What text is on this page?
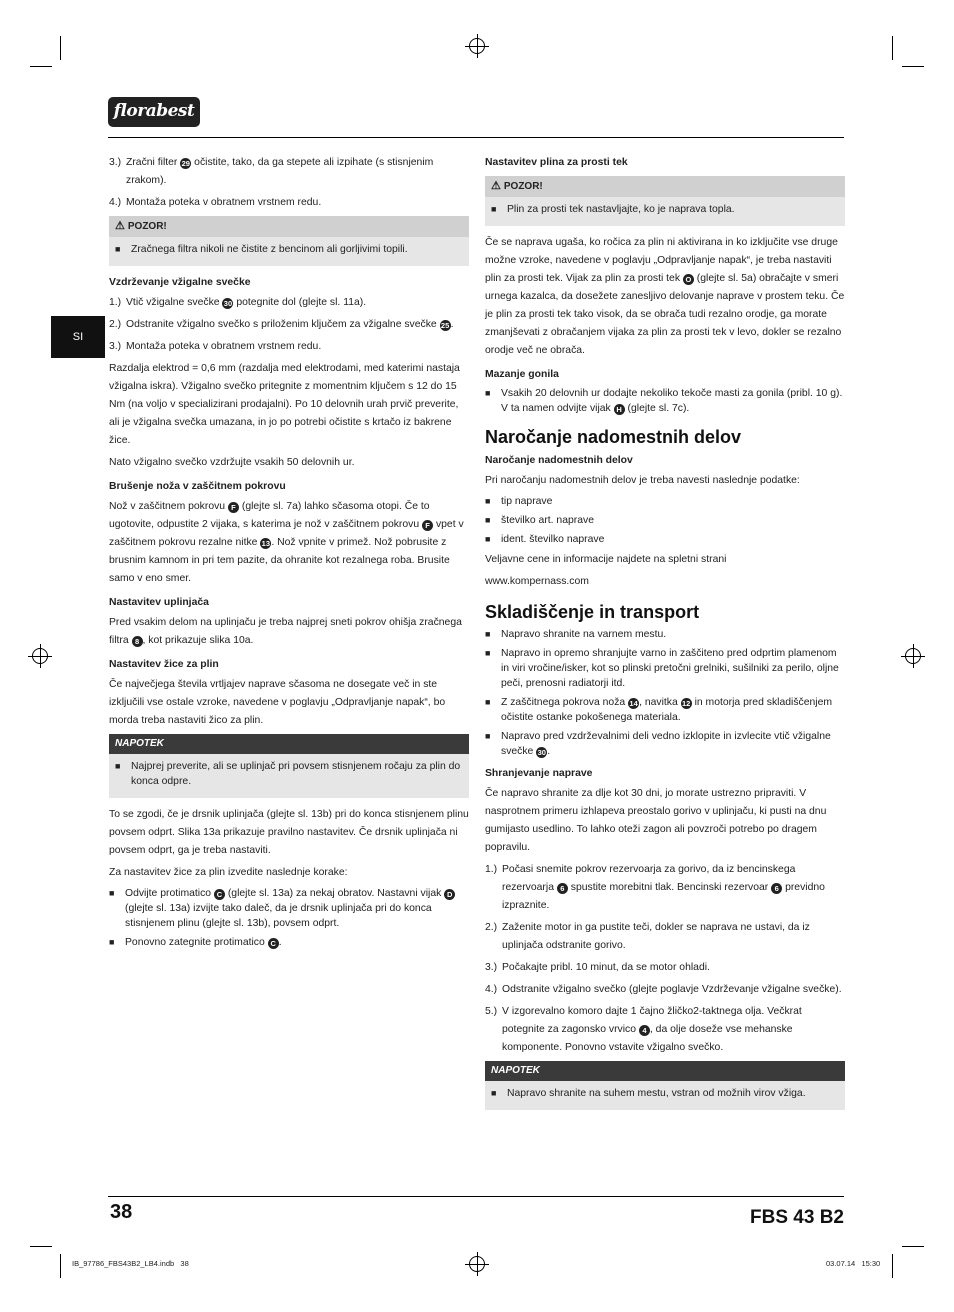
florabest
SI
3.) Zračni filter 29 očistite, tako, da ga stepete ali izpihate (s stisnjenim zrakom).
4.) Montaža poteka v obratnem vrstnem redu.
⚠ POZOR!
■	Zračnega filtra nikoli ne čistite z bencinom ali gorljivimi topili.
Vzdrževanje vžigalne svečke
1.) Vtič vžigalne svečke 30 potegnite dol (glejte sl. 11a).
2.) Odstranite vžigalno svečko s priloženim ključem za vžigalne svečke 25.
3.) Montaža poteka v obratnem vrstnem redu.

Razdalja elektrod = 0,6 mm (razdalja med elektrodami, med katerimi nastaja vžigalna iskra). Vžigalno svečko pritegnite z momentnim ključem s 12 do 15 Nm (na voljo v specializirani prodajalni). Po 10 delovnih urah prvič preverite, ali je vžigalna svečka umazana, in jo po potrebi očistite s krtačo iz bakrene žice.

Nato vžigalno svečko vzdržujte vsakih 50 delovnih ur.

Brušenje noža v zaščitnem pokrovu

Nož v zaščitnem pokrovu F (glejte sl. 7a) lahko sčasoma otopi. Če to ugotovite, odpustite 2 vijaka, s katerima je nož v zaščitnem pokrovu F vpet v zaščitnem pokrovu rezalne nitke 13. Nož vpnite v primež. Nož pobrusite z brusnim kamnom in pri tem pazite, da ohranite kot rezalnega roba. Brusite samo v eno smer.

Nastavitev uplinjača

Pred vsakim delom na uplinjaču je treba najprej sneti pokrov ohišja zračnega filtra 8 , kot prikazuje slika 10a.

Nastavitev žice za plin

Če največjega števila vrtljajev naprave sčasoma ne dosegate več in ste izključili vse ostale vzroke, navedene v poglavju „Odpravljanje napak“, bo morda treba nastaviti žico za plin.

NAPOTEK
■	Najprej preverite, ali se uplinjač pri povsem stisnjenem ročaju za plin do konca odpre.

To se zgodi, če je drsnik uplinjača (glejte sl. 13b) pri do konca stisnjenem plinu povsem odprt. Slika 13a prikazuje pravilno nastavitev. Če drsnik uplinjača ni povsem odprt, ga je treba nastaviti.

Za nastavitev žice za plin izvedite naslednje korake:

■	Odvijte protimatico C (glejte sl. 13a) za nekaj obratov. Nastavni vijak D (glejte sl. 13a) izvijte tako daleč, da je drsnik uplinjača pri do konca stisnjenem plinu (glejte sl. 13b), povsem odprt.
■	Ponovno zategnite protimatico C .
Nastavitev plina za prosti tek
⚠ POZOR!
■	Plin za prosti tek nastavljajte, ko je naprava topla.

Če se naprava ugaša, ko ročica za plin ni aktivirana in ko izključite vse druge možne vzroke, navedene v poglavju „Odpravljanje napak“, je treba nastaviti plin za prosti tek. Vijak za plin za prosti tek O (glejte sl. 5a) obračajte v smeri urnega kazalca, da dosežete zanesljivo delovanje naprave v prostem teku. Če je plin za prosti tek tako visok, da se obrača tudi rezalno orodje, ga morate zmanjševati z obračanjem vijaka za plin za prosti tek v levo, dokler se rezalno orodje več ne obrača.

Mazanje gonila
■	Vsakih 20 delovnih ur dodajte nekoliko tekoče masti za gonila (pribl. 10 g). V ta namen odvijte vijak H (glejte sl. 7c).
Naročanje nadomestnih delov
Naročanje nadomestnih delov

Pri naročanju nadomestnih delov je treba navesti naslednje podatke:

■	tip naprave
■	številko art. naprave
■	ident. številko naprave

Veljavne cene in informacije najdete na spletni strani

www.kompernass.com

Skladiščenje in transport
■	Napravo shranite na varnem mestu.
■	Napravo in opremo shranjujte varno in zaščiteno pred odprtim plamenom in viri vročine/isker, kot so plinski pretočni grelniki, sušilniki za perilo, oljne peči, prenosni radiatorji itd.
■	Z zaščitnega pokrova noža 14, navitka 12 in motorja pred skladiščenjem očistite ostanke pokošenega materiala.
■	Napravo pred vzdrževalnimi deli vedno izklopite in izvlecite vtič vžigalne svečke 30.
Shranjevanje naprave

Če napravo shranite za dlje kot 30 dni, jo morate ustrezno pripraviti. V nasprotnem primeru izhlapeva preostalo gorivo v uplinjaču, ki pusti na dnu gumijasto usedlino. To lahko oteži zagon ali povzroči potrebo po dragem popravilu.

1.) Počasi snemite pokrov rezervoarja za gorivo, da iz bencinskega rezervoarja 6 spustite morebitni tlak. Bencinski rezervoar 6 previdno izpraznite.
2.) Zaženite motor in ga pustite teči, dokler se naprava ne ustavi, da iz uplinjača odstranite gorivo.
3.) Počakajte pribl. 10 minut, da se motor ohladi.
4.) Odstranite vžigalno svečko (glejte poglavje Vzdrževanje vžigalne svečke).
5.) V izgorevalno komoro dajte 1 čajno žličko2-taktnega olja. Večkrat potegnite za zagonsko vrvico 4 , da olje doseže vse mehanske komponente. Ponovno vstavite vžigalno svečko.
NAPOTEK
■	Napravo shranite na suhem mestu, vstran od možnih virov vžiga.
38	FBS 43 B2
IB_97786_FBS43B2_LB4.indb   38	03.07.14   15:30
